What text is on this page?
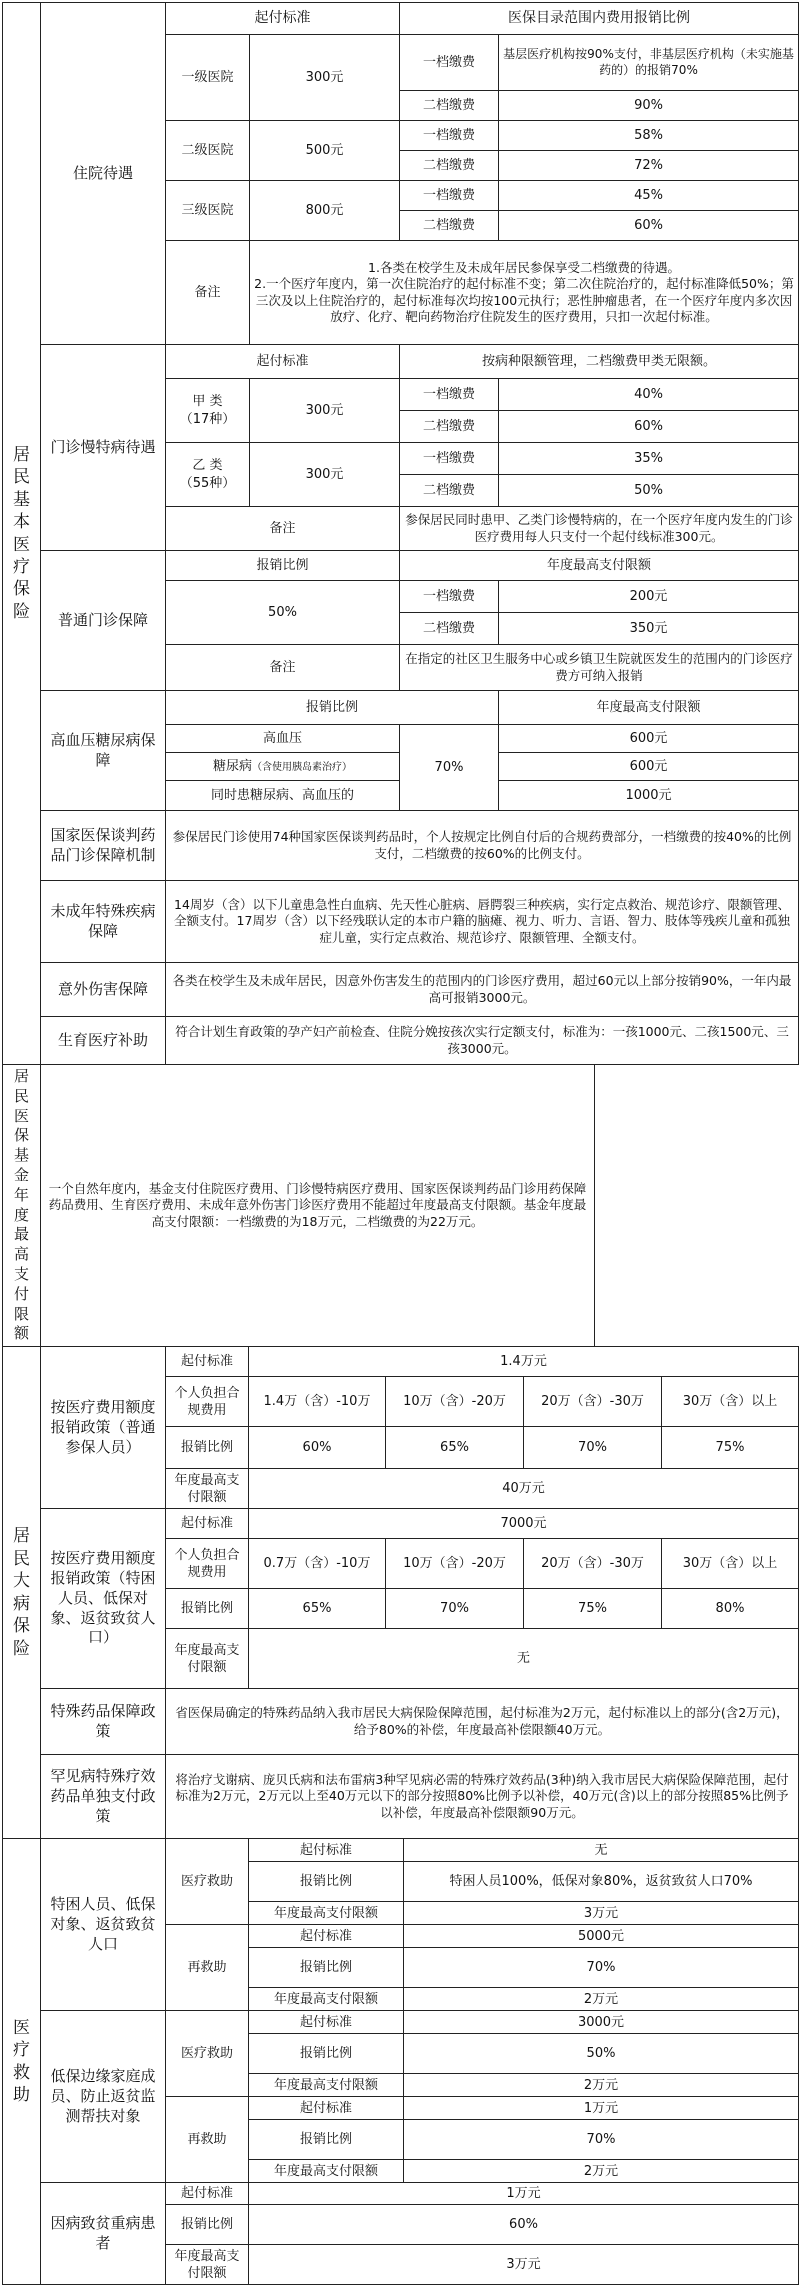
居民基本医疗保险	住院待遇	起付标准		医保目录范围内费用报销比例	
		一级医院	300元	一档缴费	基层医疗机构按90%支付，非基层医疗机构（未实施基药的）的报销70%
				二档缴费	90%
		二级医院	500元	一档缴费	58%
				二档缴费	72%
		三级医院	800元	一档缴费	45%
				二档缴费	60%
		备注	1.各类在校学生及未成年居民参保享受二档缴费的待遇。
2.一个医疗年度内，第一次住院治疗的起付标准不变；第二次住院治疗的，起付标准降低50%；第三次及以上住院治疗的，起付标准每次均按100元执行；恶性肿瘤患者，在一个医疗年度内多次因放疗、化疗、靶向药物治疗住院发生的医疗费用，只扣一次起付标准。		
	门诊慢特病待遇	起付标准		按病种限额管理，二档缴费甲类无限额。	
		甲 类
（17种）	300元	一档缴费	40%
				二档缴费	60%
		乙 类
（55种）	300元	一档缴费	35%
				二档缴费	50%
		备注		参保居民同时患甲、乙类门诊慢特病的，在一个医疗年度内发生的门诊医疗费用每人只支付一个起付线标准300元。	
	普通门诊保障	报销比例		年度最高支付限额	
		50%		一档缴费	200元
				二档缴费	350元
		备注		在指定的社区卫生服务中心或乡镇卫生院就医发生的范围内的门诊医疗费方可纳入报销	
	高血压糖尿病保障	报销比例			年度最高支付限额
		高血压		70%	600元
		糖尿病（含使用胰岛素治疗）			600元
		同时患糖尿病、高血压的			1000元
	国家医保谈判药品门诊保障机制	参保居民门诊使用74种国家医保谈判药品时，个人按规定比例自付后的合规药费部分，一档缴费的按40%的比例支付，二档缴费的按60%的比例支付。			
	未成年特殊疾病保障	14周岁（含）以下儿童患急性白血病、先天性心脏病、唇腭裂三种疾病，实行定点救治、规范诊疗、限额管理、全额支付。17周岁（含）以下经残联认定的本市户籍的脑瘫、视力、听力、言语、智力、肢体等残疾儿童和孤独症儿童，实行定点救治、规范诊疗、限额管理、全额支付。			
	意外伤害保障	各类在校学生及未成年居民，因意外伤害发生的范围内的门诊医疗费用，超过60元以上部分按销90%，一年内最高可报销3000元。			
	生育医疗补助	符合计划生育政策的孕产妇产前检查、住院分娩按孩次实行定额支付，标准为：一孩1000元、二孩1500元、三孩3000元。			
居民医保基金年度最高支付限额	一个自然年度内，基金支付住院医疗费用、门诊慢特病医疗费用、国家医保谈判药品门诊用药保障药品费用、生育医疗费用、未成年意外伤害门诊医疗费用不能超过年度最高支付限额。基金年度最高支付限额：一档缴费的为18万元，二档缴费的为22万元。				
居民大病保险	按医疗费用额度报销政策（普通参保人员）	起付标准	1.4万元			
		个人负担合规费用	1.4万（含）-10万	10万（含）-20万	20万（含）-30万	30万（含）以上
		报销比例	60%	65%	70%	75%
		年度最高支付限额	40万元			
	按医疗费用额度报销政策（特困人员、低保对象、返贫致贫人口）	起付标准	7000元			
		个人负担合规费用	0.7万（含）-10万	10万（含）-20万	20万（含）-30万	30万（含）以上
		报销比例	65%	70%	75%	80%
		年度最高支付限额	无			
	特殊药品保障政策	省医保局确定的特殊药品纳入我市居民大病保险保障范围，起付标准为2万元，起付标准以上的部分(含2万元)，给予80%的补偿，年度最高补偿限额40万元。				
	罕见病特殊疗效药品单独支付政策	将治疗戈谢病、庞贝氏病和法布雷病3种罕见病必需的特殊疗效药品(3种)纳入我市居民大病保险保障范围，起付标准为2万元，2万元以上至40万元以下的部分按照80%比例予以补偿，40万元(含)以上的部分按照85%比例予以补偿，年度最高补偿限额90万元。				
医疗救助	特困人员、低保对象、返贫致贫人口	医疗救助	起付标准	无
			报销比例	特困人员100%，低保对象80%，返贫致贫人口70%
			年度最高支付限额	3万元
		再救助	起付标准	5000元
			报销比例	70%
			年度最高支付限额	2万元
	低保边缘家庭成员、防止返贫监测帮扶对象	医疗救助	起付标准	3000元
			报销比例	50%
			年度最高支付限额	2万元
		再救助	起付标准	1万元
			报销比例	70%
			年度最高支付限额	2万元
	因病致贫重病患者	起付标准	1万元	
		报销比例	60%	
		年度最高支付限额	3万元	
